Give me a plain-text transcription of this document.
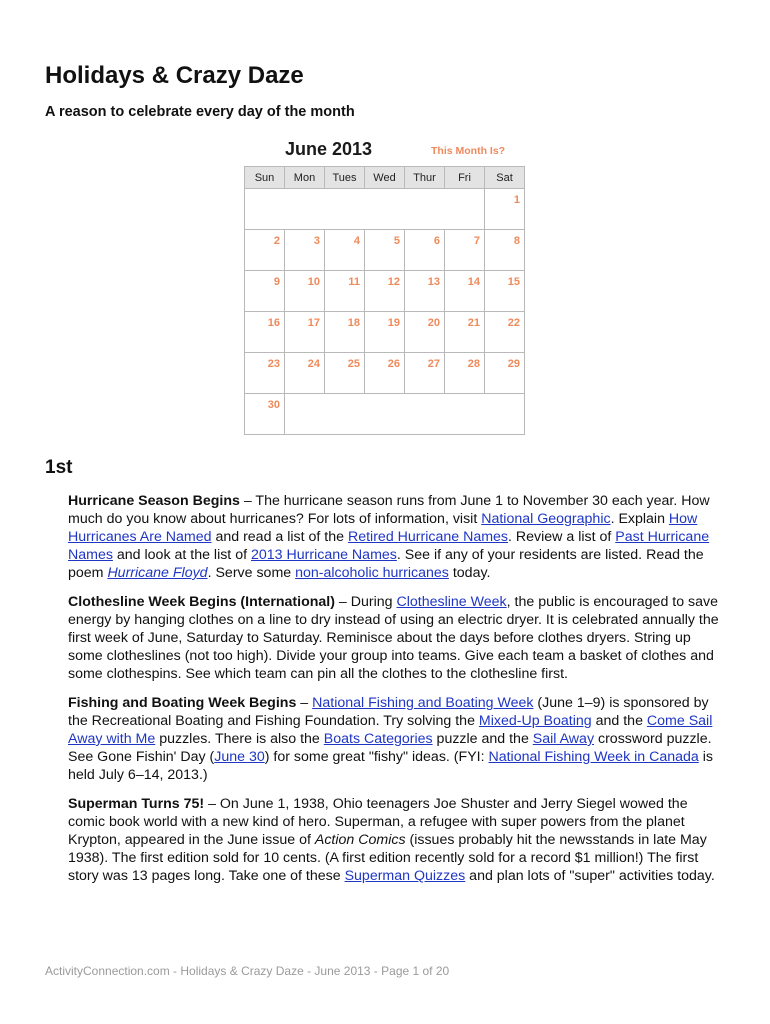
Holidays & Crazy Daze

A reason to celebrate every day of the month

June 2013	This Month Is?
Sun	Mon	Tues	Wed	Thur	Fri	Sat
						1
2	3	4	5	6	7	8
9	10	11	12	13	14	15
16	17	18	19	20	21	22
23	24	25	26	27	28	29
30						
1st

Hurricane Season Begins – The hurricane season runs from June 1 to November 30 each year. How much do you know about hurricanes? For lots of information, visit National Geographic. Explain How Hurricanes Are Named and read a list of the Retired Hurricane Names. Review a list of Past Hurricane Names and look at the list of 2013 Hurricane Names. See if any of your residents are listed. Read the poem Hurricane Floyd. Serve some non-alcoholic hurricanes today.

Clothesline Week Begins (International) – During Clothesline Week, the public is encouraged to save energy by hanging clothes on a line to dry instead of using an electric dryer. It is celebrated annually the first week of June, Saturday to Saturday. Reminisce about the days before clothes dryers. String up some clotheslines (not too high). Divide your group into teams. Give each team a basket of clothes and some clothespins. See which team can pin all the clothes to the clothesline first.

Fishing and Boating Week Begins – National Fishing and Boating Week (June 1–9) is sponsored by the Recreational Boating and Fishing Foundation. Try solving the Mixed-Up Boating and the Come Sail Away with Me puzzles. There is also the Boats Categories puzzle and the Sail Away crossword puzzle. See Gone Fishin' Day (June 30) for some great "fishy" ideas. (FYI: National Fishing Week in Canada is held July 6–14, 2013.)

Superman Turns 75! – On June 1, 1938, Ohio teenagers Joe Shuster and Jerry Siegel wowed the comic book world with a new kind of hero. Superman, a refugee with super powers from the planet Krypton, appeared in the June issue of Action Comics (issues probably hit the newsstands in late May 1938). The first edition sold for 10 cents. (A first edition recently sold for a record $1 million!) The first story was 13 pages long. Take one of these Superman Quizzes and plan lots of "super" activities today.

ActivityConnection.com - Holidays & Crazy Daze - June 2013 - Page 1 of 20
